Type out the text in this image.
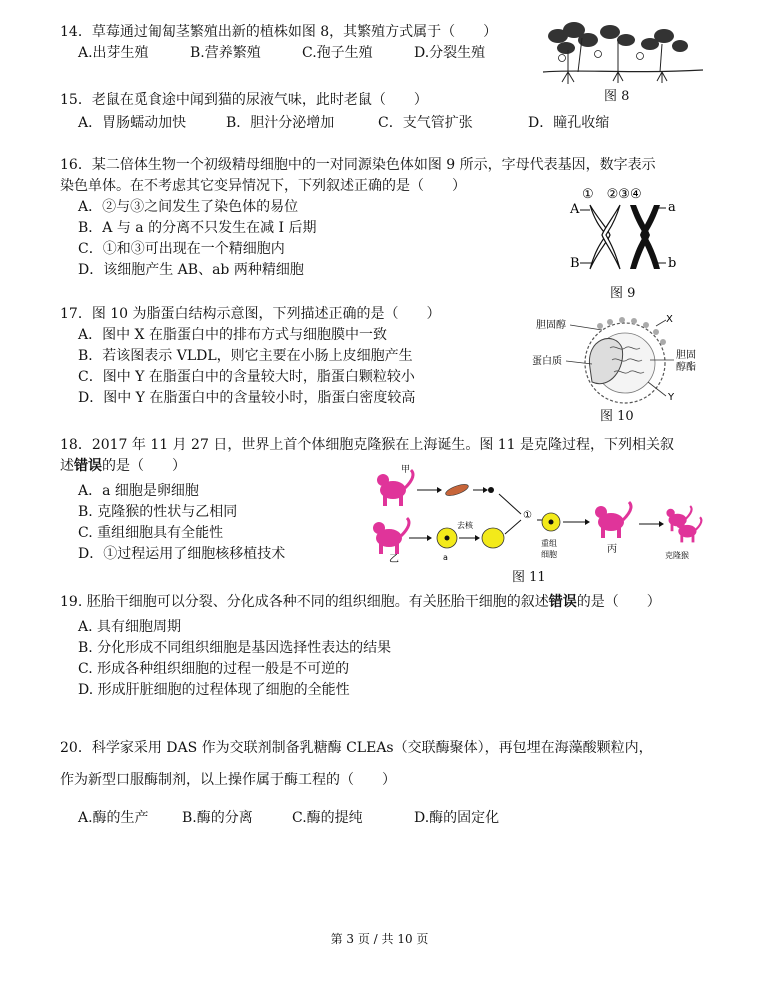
14．草莓通过匍匐茎繁殖出新的植株如图 8，其繁殖方式属于（　　）
A.出芽生殖	B.营养繁殖	C.孢子生殖	D.分裂生殖
图 8
15．老鼠在觅食途中闻到猫的尿液气味，此时老鼠（　　）
A．胃肠蠕动加快	B．胆汁分泌增加	C．支气管扩张	D．瞳孔收缩
16．某二倍体生物一个初级精母细胞中的一对同源染色体如图 9 所示，字母代表基因，数字表示
染色单体。在不考虑其它变异情况下，下列叙述正确的是（　　）
A．②与③之间发生了染色体的易位
B．A 与 a 的分离不只发生在减 I 后期
C．①和③可出现在一个精细胞内
D．该细胞产生 AB、ab 两种精细胞
①　②③④
A	a
B	b
图 9
17．图 10 为脂蛋白结构示意图，下列描述正确的是（　　）
A．图中 X 在脂蛋白中的排布方式与细胞膜中一致
B．若该图表示 VLDL，则它主要在小肠上皮细胞产生
C．图中 Y 在脂蛋白中的含量较大时，脂蛋白颗粒较小
D．图中 Y 在脂蛋白中的含量较小时，脂蛋白密度较高
胆固醇
蛋白质
X
胆固
醇酯
Y
图 10
18．2017 年 11 月 27 日，世界上首个体细胞克隆猴在上海诞生。图 11 是克隆过程，下列相关叙
述错误的是（　　）
A．a 细胞是卵细胞
B. 克隆猴的性状与乙相同
C. 重组细胞具有全能性
D．①过程运用了细胞核移植技术
甲
乙	a
去核
①
重组
细胞	丙
克隆猴
图 11
19. 胚胎干细胞可以分裂、分化成各种不同的组织细胞。有关胚胎干细胞的叙述错误的是（　　）
A. 具有细胞周期
B. 分化形成不同组织细胞是基因选择性表达的结果
C. 形成各种组织细胞的过程一般是不可逆的
D. 形成肝脏细胞的过程体现了细胞的全能性
20．科学家采用 DAS 作为交联剂制备乳糖酶 CLEAs（交联酶聚体），再包埋在海藻酸颗粒内，
作为新型口服酶制剂，以上操作属于酶工程的（　　）
A.酶的生产	B.酶的分离	C.酶的提纯	D.酶的固定化
第 3 页 / 共 10 页
